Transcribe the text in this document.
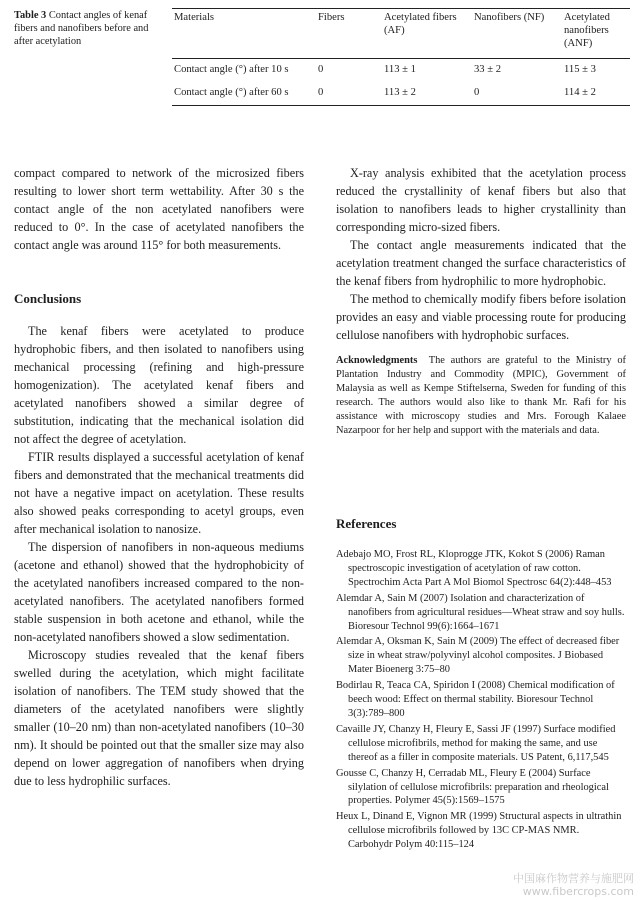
Table 3 Contact angles of kenaf fibers and nanofibers before and after acetylation
Materials	Fibers	Acetylated fibers (AF)	Nanofibers (NF)	Acetylated nanofibers (ANF)
Contact angle (°) after 10 s	0	113 ± 1	33 ± 2	115 ± 3
Contact angle (°) after 60 s	0	113 ± 2	0	114 ± 2

compact compared to network of the microsized fibers resulting to lower short term wettability. After 30 s the contact angle of the non acetylated nanofibers were reduced to 0°. In the case of acetylated nanofibers the contact angle was around 115° for both measurements.

Conclusions

The kenaf fibers were acetylated to produce hydrophobic fibers, and then isolated to nanofibers using mechanical processing (refining and high-pressure homogenization). The acetylated kenaf fibers and acetylated nanofibers showed a similar degree of substitution, indicating that the mechanical isolation did not affect the degree of acetylation.

FTIR results displayed a successful acetylation of kenaf fibers and demonstrated that the mechanical treatments did not have a negative impact on acetylation. These results also showed peaks corresponding to acetyl groups, even after mechanical isolation to nanosize.

The dispersion of nanofibers in non-aqueous mediums (acetone and ethanol) showed that the hydrophobicity of the acetylated nanofibers increased compared to the non-acetylated nanofibers. The acetylated nanofibers formed stable suspension in both acetone and ethanol, while the non-acetylated nanofibers showed a slow sedimentation.

Microscopy studies revealed that the kenaf fibers swelled during the acetylation, which might facilitate isolation of nanofibers. The TEM study showed that the diameters of the acetylated nanofibers were slightly smaller (10–20 nm) than non-acetylated nanofibers (10–30 nm). It should be pointed out that the smaller size may also depend on lower aggregation of nanofibers when drying due to less hydrophilic surfaces.

X-ray analysis exhibited that the acetylation process reduced the crystallinity of kenaf fibers but also that isolation to nanofibers leads to higher crystallinity than corresponding micro-sized fibers.

The contact angle measurements indicated that the acetylation treatment changed the surface characteristics of the kenaf fibers from hydrophilic to more hydrophobic.

The method to chemically modify fibers before isolation provides an easy and viable processing route for producing cellulose nanofibers with hydrophobic surfaces.

Acknowledgments The authors are grateful to the Ministry of Plantation Industry and Commodity (MPIC), Government of Malaysia as well as Kempe Stiftelserna, Sweden for funding of this research. The authors would also like to thank Mr. Rafi for his assistance with microscopy studies and Mrs. Forough Kalaee Nazarpoor for her help and support with the materials and data.

References

Adebajo MO, Frost RL, Kloprogge JTK, Kokot S (2006) Raman spectroscopic investigation of acetylation of raw cotton. Spectrochim Acta Part A Mol Biomol Spectrosc 64(2):448–453

Alemdar A, Sain M (2007) Isolation and characterization of nanofibers from agricultural residues—Wheat straw and soy hulls. Bioresour Technol 99(6):1664–1671

Alemdar A, Oksman K, Sain M (2009) The effect of decreased fiber size in wheat straw/polyvinyl alcohol composites. J Biobased Mater Bioenerg 3:75–80

Bodirlau R, Teaca CA, Spiridon I (2008) Chemical modification of beech wood: Effect on thermal stability. Bioresour Technol 3(3):789–800

Cavaille JY, Chanzy H, Fleury E, Sassi JF (1997) Surface modified cellulose microfibrils, method for making the same, and use thereof as a filler in composite materials. US Patent, 6,117,545

Gousse C, Chanzy H, Cerradab ML, Fleury E (2004) Surface silylation of cellulose microfibrils: preparation and rheological properties. Polymer 45(5):1569–1575

Heux L, Dinand E, Vignon MR (1999) Structural aspects in ultrathin cellulose microfibrils followed by 13C CP-MAS NMR. Carbohydr Polym 40:115–124

中国麻作物营养与施肥网
www.fibercrops.com
